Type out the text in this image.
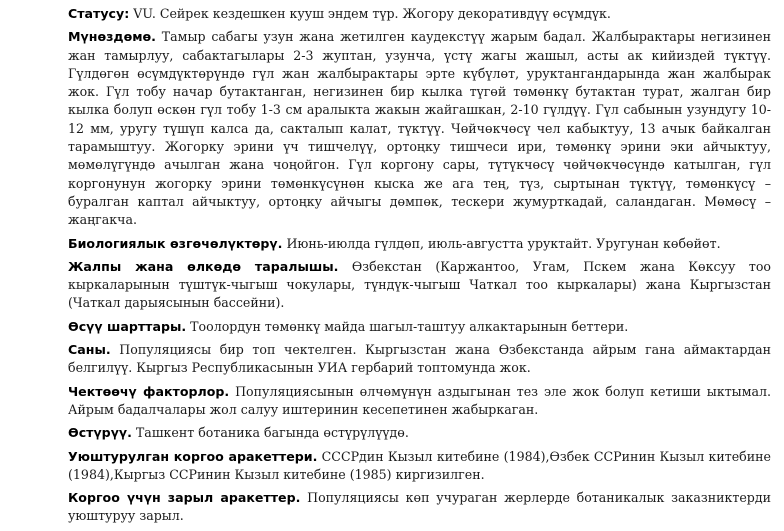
Статусу: VU. Сейрек кездешкен кууш эндем түр. Жогору декоративдүү өсүмдүк.

Мүнөздөмө. Тамыр сабагы узун жана жетилген каудекстүү жарым бадал. Жалбырактары негизинен жан тамырлуу, сабактагылары 2-3 жуптан, узунча, үстү жагы жашыл, асты ак кийиздей түктүү. Гүлдөгөн өсүмдүктөрүндө гүл жан жалбырактары эрте күбүлөт, уруктангандарында жан жалбырак жок. Гүл тобу начар бутактанган, негизинен бир кылка түгөй төмөнкү бутактан турат, жалган бир кылка болуп өскөн гүл тобу 1-3 см аралыкта жакын жайгашкан, 2-10 гүлдүү. Гүл сабынын узундугу 10-12 мм, уругу түшүп калса да, сакталып калат, түктүү. Чөйчөкчөсү чел кабыктуу, 13 ачык байкалган тарамыштуу. Жогорку эрини үч тишчелүү, ортоңку тишчеси ири, төмөнкү эрини эки айчыктуу, мөмөлүгүндө ачылган жана чоңойгон. Гүл коргону сары, түтүкчөсү чөйчөкчөсүндө катылган, гүл коргонунун жогорку эрини төмөнкүсүнөн кыска же ага тең, түз, сыртынан түктүү, төмөнкүсү – буралган каптал айчыктуу, ортоңку айчыгы дөмпөк, тескери жумурткадай, саландаган. Мөмөсү – жаңгакча.

Биологиялык өзгөчөлүктөрү. Июнь-июлда гүлдөп, июль-августта уруктайт. Уругунан көбөйөт.

Жалпы жана өлкөдө таралышы. Өзбекстан (Каржантоо, Угам, Пскем жана Көксуу тоо кыркаларынын түштүк-чыгыш чокулары, түндүк-чыгыш Чаткал тоо кыркалары) жана Кыргызстан (Чаткал дарыясынын бассейни).

Өсүү шарттары. Тоолордун төмөнкү майда шагыл-таштуу алкактарынын беттери.

Саны. Популяциясы бир топ чектелген. Кыргызстан жана Өзбекстанда айрым гана аймактардан белгилүү. Кыргыз Республикасынын УИА гербарий топтомунда жок.

Чектөөчү факторлор. Популяциясынын өлчөмүнүн аздыгынан тез эле жок болуп кетиши ыктымал. Айрым бадалчалары жол салуу иштеринин кесепетинен жабыркаган.

Өстүрүү. Ташкент ботаника багында өстүрүлүүдө.

Уюштурулган коргоо аракеттери. СССРдин Кызыл китебине (1984),Өзбек ССРинин Кызыл китебине (1984),Кыргыз ССРинин Кызыл китебине (1985) киргизилген.

Коргоо үчүн зарыл аракеттер. Популяциясы көп учураган жерлерде ботаникалык заказниктерди уюштуруу зарыл.
